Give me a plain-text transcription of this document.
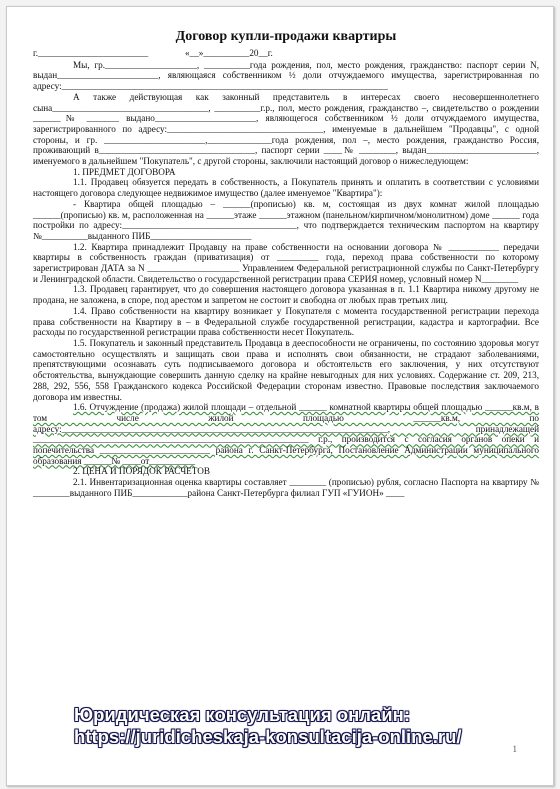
Договор купли-продажи квартиры

г.________________________                «__»__________20__г.

Мы, гр.____________________, __________года рождения, пол, место рождения, гражданство: паспорт серии N, выдан______________________, являющаяся собственником ½ доли отчуждаемого имущества, зарегистрированная по адресу:_______________________________________________________________________

А также действующая как законный представитель в интересах своего несовершеннолетнего сына__________________________________, __________г.р., пол, место рождения, гражданство –, свидетельство о рождении ______№ _______ выдано______________________, являющегося собственником ½ доли отчуждаемого имущества, зарегистрированного по адресу:__________________________________, именуемые в дальнейшем "Продавцы", с одной стороны, и гр. ______________________,______________года рождения, пол –, место рождения, гражданство Россия, проживающий в__________________________________, паспорт серии ____№ ________, выдан________________________, именуемого в дальнейшем "Покупатель", с другой стороны, заключили настоящий договор о нижеследующем:

1. ПРЕДМЕТ ДОГОВОРА

1.1. Продавец обязуется передать в собственность, а Покупатель принять и оплатить в соответствии с условиями настоящего договора следующее недвижимое имущество (далее именуемое "Квартира"):

- Квартира общей площадью – ______(прописью) кв. м, состоящая из двух комнат жилой площадью ______(прописью) кв. м, расположенная на ______этаже ______этажном (панельном/кирпичном/монолитном) доме ______ года постройки по адресу:______________________________________, что подтверждается техническим паспортом на квартиру №__________выданного ПИБ______________________

1.2. Квартира принадлежит Продавцу на праве собственности на основании договора № ___________ передачи квартиры в собственность граждан (приватизация) от _________ года, переход права собственности по которому зарегистрирован ДАТА за N ____________________ Управлением Федеральной регистрационной службы по Санкт-Петербургу и Ленинградской области. Свидетельство о государственной регистрации права СЕРИЯ номер, условный номер N________

1.3. Продавец гарантирует, что до совершения настоящего договора указанная в п. 1.1 Квартира никому другому не продана, не заложена, в споре, под арестом и запретом не состоит и свободна от любых прав третьих лиц.

1.4. Право собственности на квартиру возникает у Покупателя с момента государственной регистрации перехода права собственности на Квартиру в – в Федеральной службе государственной регистрации, кадастра и картографии. Все расходы по государственной регистрации права собственности несет Покупатель.

1.5. Покупатель и законный представитель Продавца в дееспособности не ограничены, по состоянию здоровья могут самостоятельно осуществлять и защищать свои права и исполнять свои обязанности, не страдают заболеваниями, препятствующими осознавать суть подписываемого договора и обстоятельств его заключения, у них отсутствуют обстоятельства, вынуждающие совершить данную сделку на крайне невыгодных для них условиях. Содержание ст. 209, 213, 288, 292, 556, 558 Гражданского кодекса Российской Федерации сторонам известно. Правовые последствия заключаемого договора им известны.

1.6. Отчуждение (продажа) жилой площади – отдельной ______ комнатной квартиры общей площадью ______кв.м, в том числе жилой площадью ______кв.м, по адресу:_______________________________________________________________________, принадлежащей ____________________________________________________________ г.р., производится с согласия органов опеки и попечительства ________________________ района г. Санкт-Петербурга, Постановление Администрации муниципального образования ______№ ____от__________

2. ЦЕНА И ПОРЯДОК РАСЧЕТОВ

2.1. Инвентаризационная оценка квартиры составляет ________ (прописью) рубля, согласно Паспорта на квартиру № ________выданного ПИБ____________района Санкт-Петербурга филиал ГУП «ГУИОН» ____

1
Юридическая консультация онлайн:
https://juridicheskaja-konsultacija-online.ru/
